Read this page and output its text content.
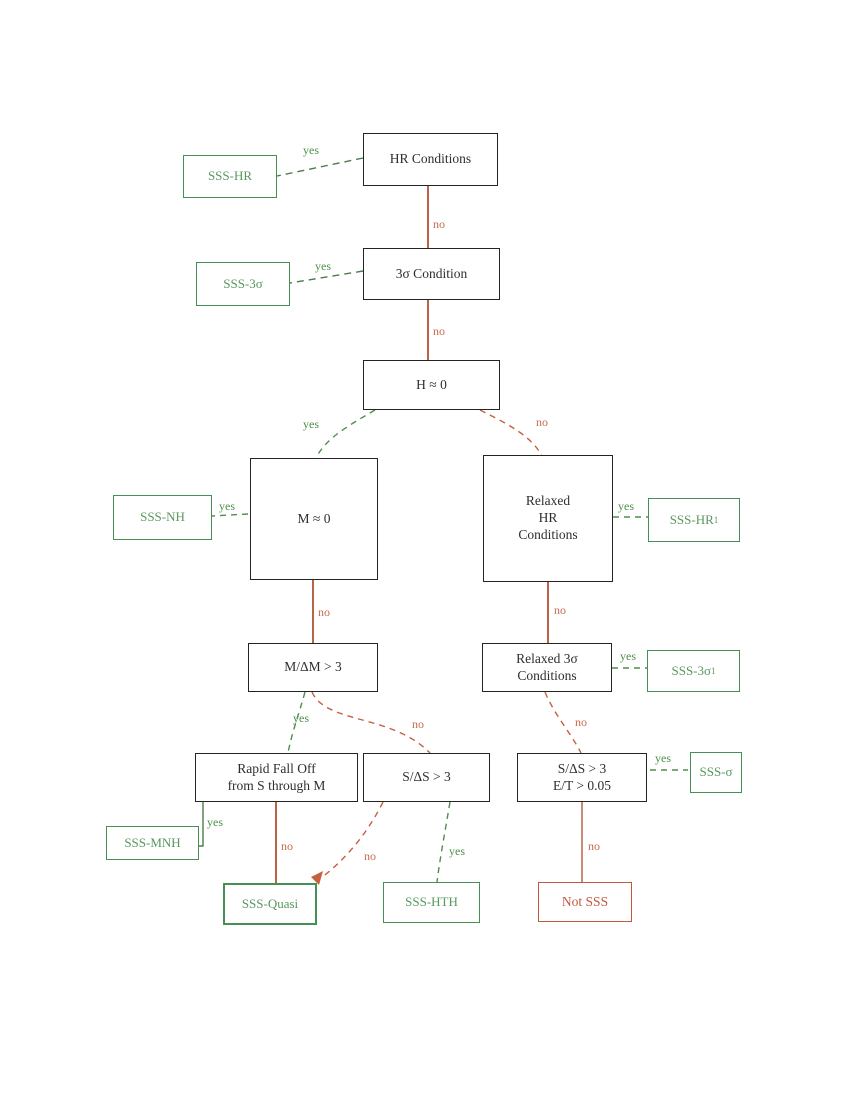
HR Conditions
3σ Condition
H ≈ 0
M ≈ 0
Relaxed
HR
Conditions
M/ΔM > 3
Relaxed 3σ
Conditions
Rapid Fall Off
from S through M
S/ΔS > 3
S/ΔS > 3
E/T > 0.05
SSS-HR
SSS-3σ
SSS-NH	SSS-HR 1
SSS-3σ 1
SSS-σ
SSS-MNH
SSS-Quasi	SSS-HTH	Not SSS
yes
no
yes
no
yes	no
yes
no
yes
no
yes
no
yes	no
yes
no	yes
no
yes
no
